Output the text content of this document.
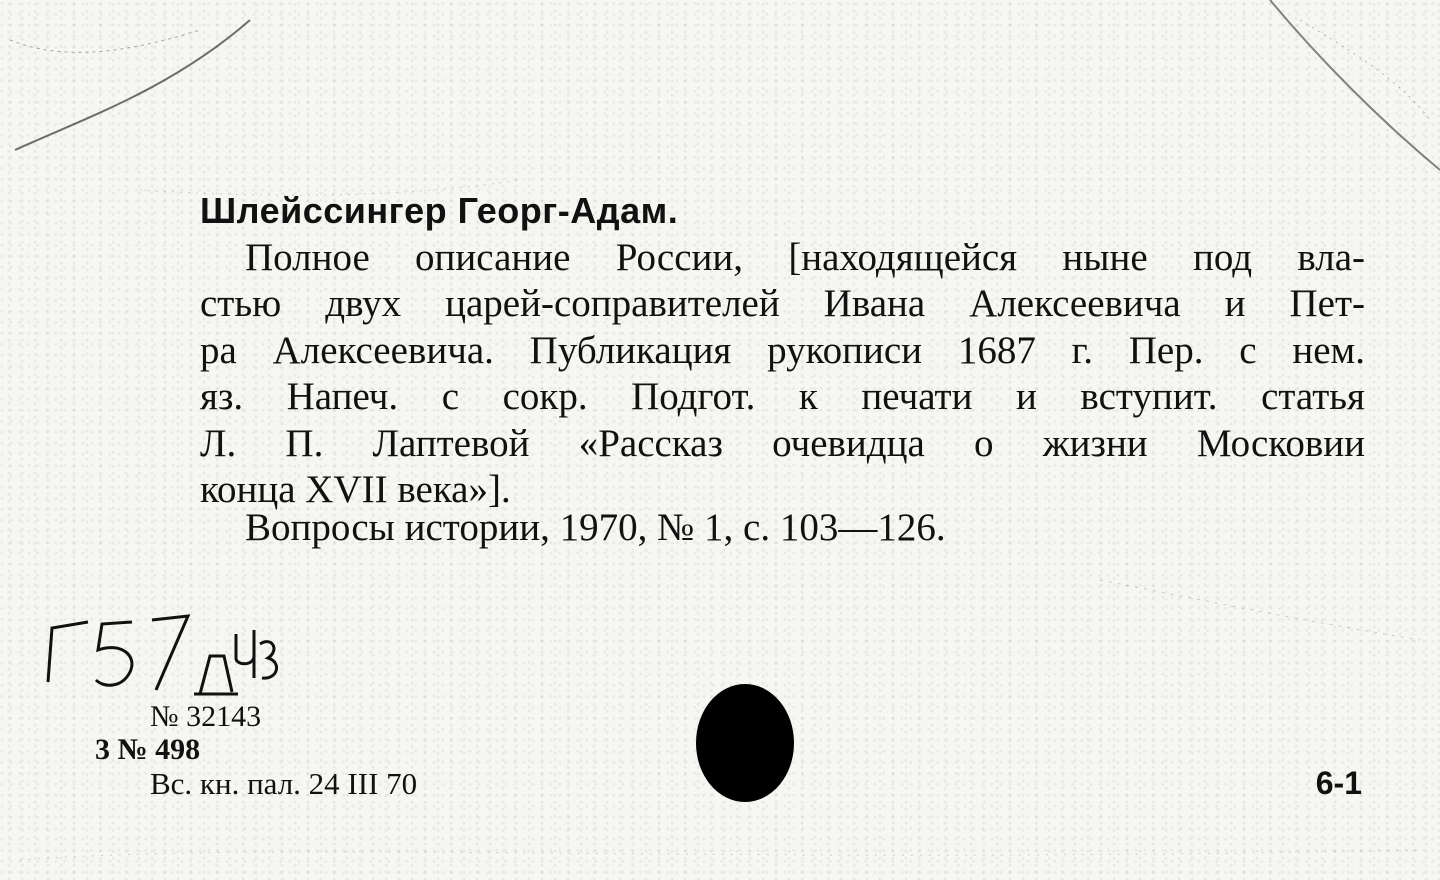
Шлейссингер Георг-Адам.
Полное описание России, [находящейся ныне под вла-
стью двух царей-соправителей Ивана Алексеевича и Пет-
ра Алексеевича. Публикация рукописи 1687 г. Пер. с нем.
яз. Напеч. с сокр. Подгот. к печати и вступит. статья
Л. П. Лаптевой «Рассказ очевидца о жизни Московии
конца XVII века»].
Вопросы истории, 1970, № 1, с. 103—126.
№ 32143
3 № 498
Вс. кн. пал. 24 III 70	6-1
